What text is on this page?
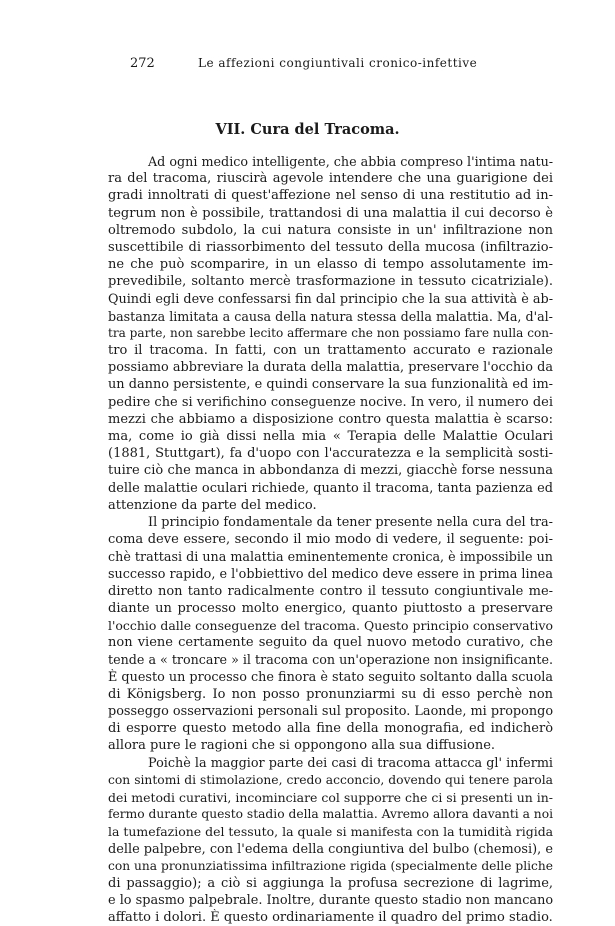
272	Le affezioni congiuntivali cronico-infettive
VII. Cura del Tracoma.
Ad ogni medico intelligente, che abbia compreso l'intima natu-
ra del tracoma, riuscirà agevole intendere che una guarigione dei
gradi innoltrati di quest'affezione nel senso di una restitutio ad in-
tegrum non è possibile, trattandosi di una malattia il cui decorso è
oltremodo subdolo, la cui natura consiste in un' infiltrazione non
suscettibile di riassorbimento del tessuto della mucosa (infiltrazio-
ne che può scomparire, in un elasso di tempo assolutamente im-
prevedibile, soltanto mercè trasformazione in tessuto cicatriziale).
Quindi egli deve confessarsi fin dal principio che la sua attività è ab-
bastanza limitata a causa della natura stessa della malattia. Ma, d'al-
tra parte, non sarebbe lecito affermare che non possiamo fare nulla con-
tro il tracoma. In fatti, con un trattamento accurato e razionale
possiamo abbreviare la durata della malattia, preservare l'occhio da
un danno persistente, e quindi conservare la sua funzionalità ed im-
pedire che si verifichino conseguenze nocive. In vero, il numero dei
mezzi che abbiamo a disposizione contro questa malattia è scarso:
ma, come io già dissi nella mia « Terapia delle Malattie Oculari
(1881, Stuttgart), fa d'uopo con l'accuratezza e la semplicità sosti-
tuire ciò che manca in abbondanza di mezzi, giacchè forse nessuna
delle malattie oculari richiede, quanto il tracoma, tanta pazienza ed
attenzione da parte del medico.
Il principio fondamentale da tener presente nella cura del tra-
coma deve essere, secondo il mio modo di vedere, il seguente: poi-
chè trattasi di una malattia eminentemente cronica, è impossibile un
successo rapido, e l'obbiettivo del medico deve essere in prima linea
diretto non tanto radicalmente contro il tessuto congiuntivale me-
diante un processo molto energico, quanto piuttosto a preservare
l'occhio dalle conseguenze del tracoma. Questo principio conservativo
non viene certamente seguito da quel nuovo metodo curativo, che
tende a « troncare » il tracoma con un'operazione non insignificante.
È questo un processo che finora è stato seguito soltanto dalla scuola
di Königsberg. Io non posso pronunziarmi su di esso perchè non
posseggo osservazioni personali sul proposito. Laonde, mi propongo
di esporre questo metodo alla fine della monografia, ed indicherò
allora pure le ragioni che si oppongono alla sua diffusione.
Poichè la maggior parte dei casi di tracoma attacca gl' infermi
con sintomi di stimolazione, credo acconcio, dovendo qui tenere parola
dei metodi curativi, incominciare col supporre che ci si presenti un in-
fermo durante questo stadio della malattia. Avremo allora davanti a noi
la tumefazione del tessuto, la quale si manifesta con la tumidità rigida
delle palpebre, con l'edema della congiuntiva del bulbo (chemosi), e
con una pronunziatissima infiltrazione rigida (specialmente delle pliche
di passaggio); a ciò si aggiunga la profusa secrezione di lagrime,
e lo spasmo palpebrale. Inoltre, durante questo stadio non mancano
affatto i dolori. È questo ordinariamente il quadro del primo stadio.
